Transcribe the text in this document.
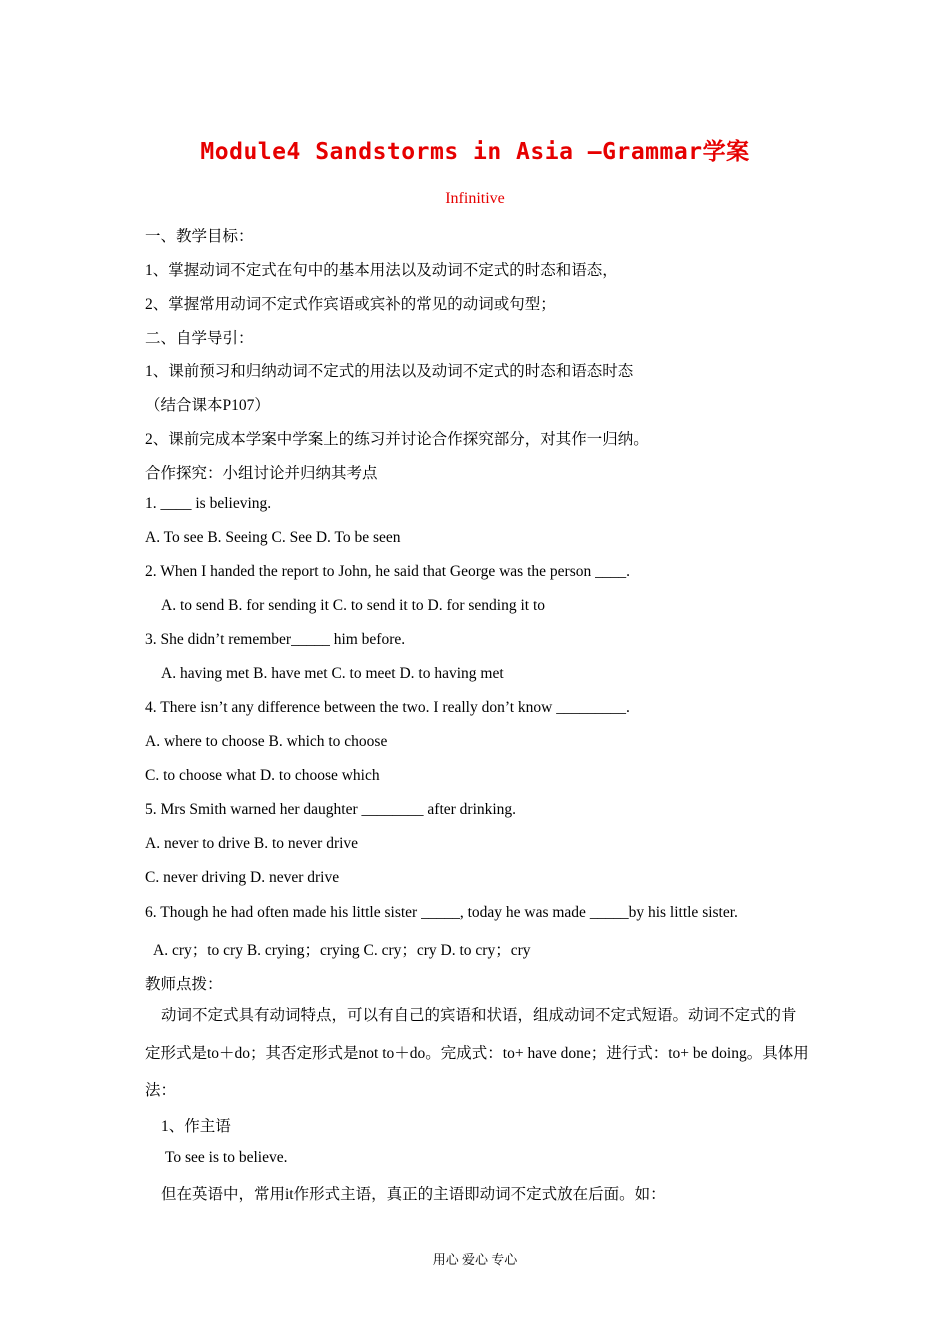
Module4 Sandstorms in Asia –Grammar学案
Infinitive
一、教学目标：
1、掌握动词不定式在句中的基本用法以及动词不定式的时态和语态，
2、掌握常用动词不定式作宾语或宾补的常见的动词或句型；
二、自学导引：
1、课前预习和归纳动词不定式的用法以及动词不定式的时态和语态时态
（结合课本P107）
2、课前完成本学案中学案上的练习并讨论合作探究部分，对其作一归纳。
合作探究：小组讨论并归纳其考点
1. ____ is believing.
A. To see B. Seeing C. See D. To be seen
2. When I handed the report to John, he said that George was the person ____.
A. to send B. for sending it C. to send it to D. for sending it to
3. She didn’t remember_____ him before.
A. having met B. have met C. to meet D. to having met
4. There isn’t any difference between the two. I really don’t know _________.
A. where to choose B. which to choose
C. to choose what D. to choose which
5. Mrs Smith warned her daughter ________ after drinking.
A. never to drive B. to never drive
C. never driving D. never drive
6. Though he had often made his little sister _____, today he was made _____by his little sister.
A. cry；to cry B. crying；crying C. cry；cry D. to cry；cry
教师点拨：
动词不定式具有动词特点，可以有自己的宾语和状语，组成动词不定式短语。动词不定式的肯定形式是to＋do；其否定形式是not to＋do。完成式：to+ have done；进行式：to+ be doing。具体用法：
1、作主语
To see is to believe.
但在英语中，常用it作形式主语，真正的主语即动词不定式放在后面。如：
用心 爱心 专心
